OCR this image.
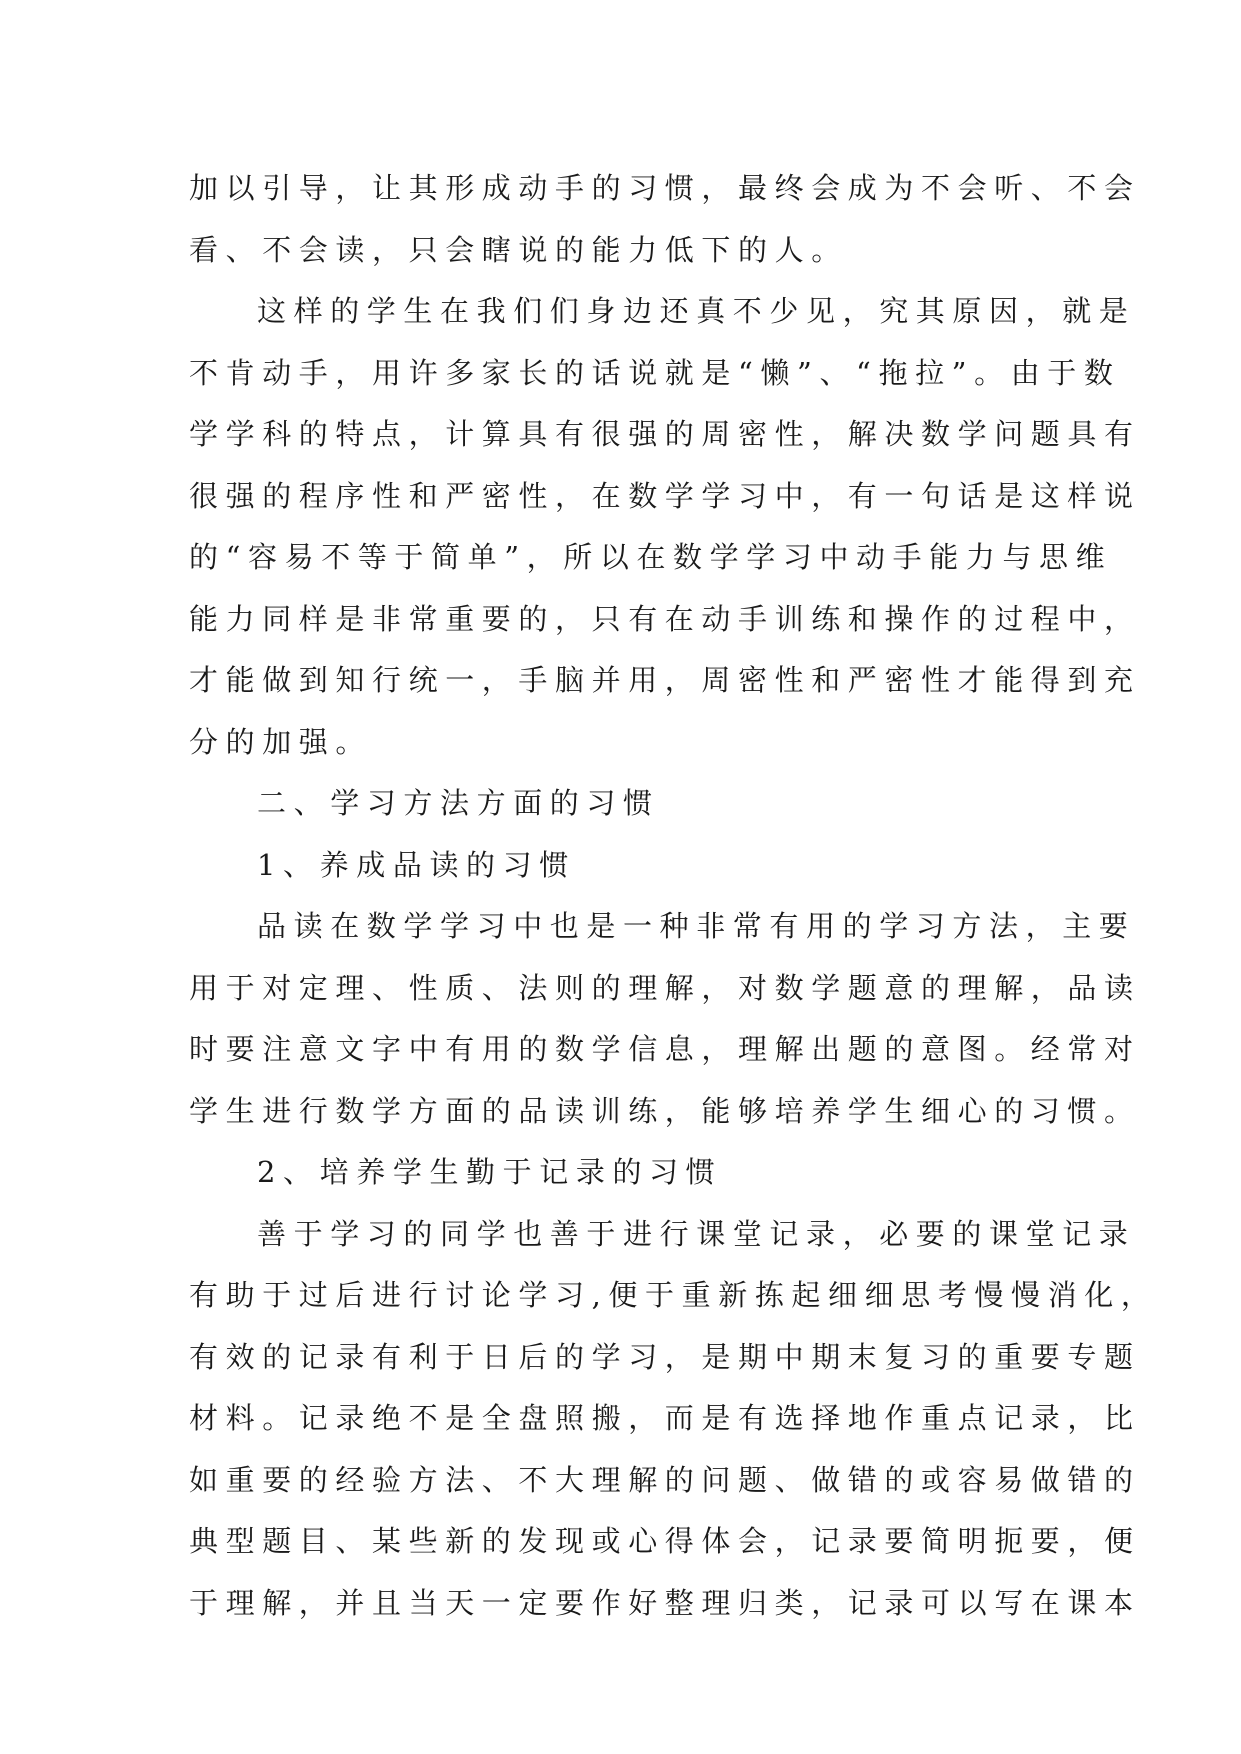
加以引导，让其形成动手的习惯，最终会成为不会听、不会
看、不会读，只会瞎说的能力低下的人。
这样的学生在我们们身边还真不少见，究其原因，就是
不肯动手，用许多家长的话说就是“懒”、“拖拉”。由于数
学学科的特点，计算具有很强的周密性，解决数学问题具有
很强的程序性和严密性，在数学学习中，有一句话是这样说
的“容易不等于简单”，所以在数学学习中动手能力与思维
能力同样是非常重要的，只有在动手训练和操作的过程中，
才能做到知行统一，手脑并用，周密性和严密性才能得到充
分的加强。
二、学习方法方面的习惯
1、养成品读的习惯
品读在数学学习中也是一种非常有用的学习方法，主要
用于对定理、性质、法则的理解，对数学题意的理解，品读
时要注意文字中有用的数学信息，理解出题的意图。经常对
学生进行数学方面的品读训练，能够培养学生细心的习惯。
2、培养学生勤于记录的习惯
善于学习的同学也善于进行课堂记录，必要的课堂记录
有助于过后进行讨论学习,便于重新拣起细细思考慢慢消化，
有效的记录有利于日后的学习，是期中期末复习的重要专题
材料。记录绝不是全盘照搬，而是有选择地作重点记录，比
如重要的经验方法、不大理解的问题、做错的或容易做错的
典型题目、某些新的发现或心得体会，记录要简明扼要，便
于理解，并且当天一定要作好整理归类，记录可以写在课本
